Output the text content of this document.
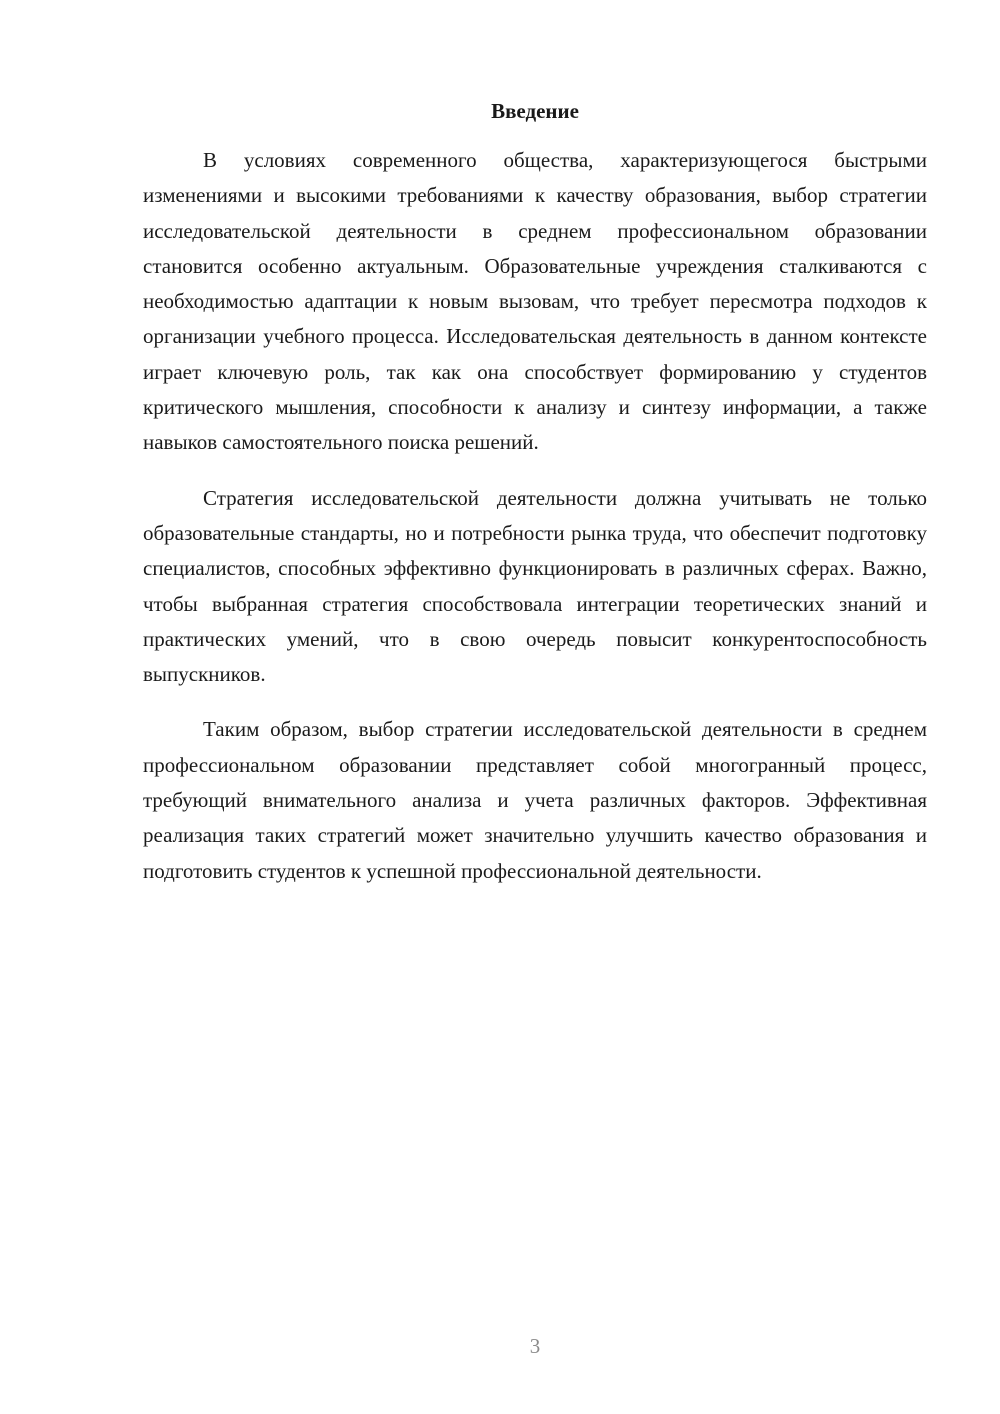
Введение

В условиях современного общества, характеризующегося быстрыми изменениями и высокими требованиями к качеству образования, выбор стратегии исследовательской деятельности в среднем профессиональном образовании становится особенно актуальным. Образовательные учреждения сталкиваются с необходимостью адаптации к новым вызовам, что требует пересмотра подходов к организации учебного процесса. Исследовательская деятельность в данном контексте играет ключевую роль, так как она способствует формированию у студентов критического мышления, способности к анализу и синтезу информации, а также навыков самостоятельного поиска решений.

Стратегия исследовательской деятельности должна учитывать не только образовательные стандарты, но и потребности рынка труда, что обеспечит подготовку специалистов, способных эффективно функционировать в различных сферах. Важно, чтобы выбранная стратегия способствовала интеграции теоретических знаний и практических умений, что в свою очередь повысит конкурентоспособность выпускников.

Таким образом, выбор стратегии исследовательской деятельности в среднем профессиональном образовании представляет собой многогранный процесс, требующий внимательного анализа и учета различных факторов. Эффективная реализация таких стратегий может значительно улучшить качество образования и подготовить студентов к успешной профессиональной деятельности.

3
